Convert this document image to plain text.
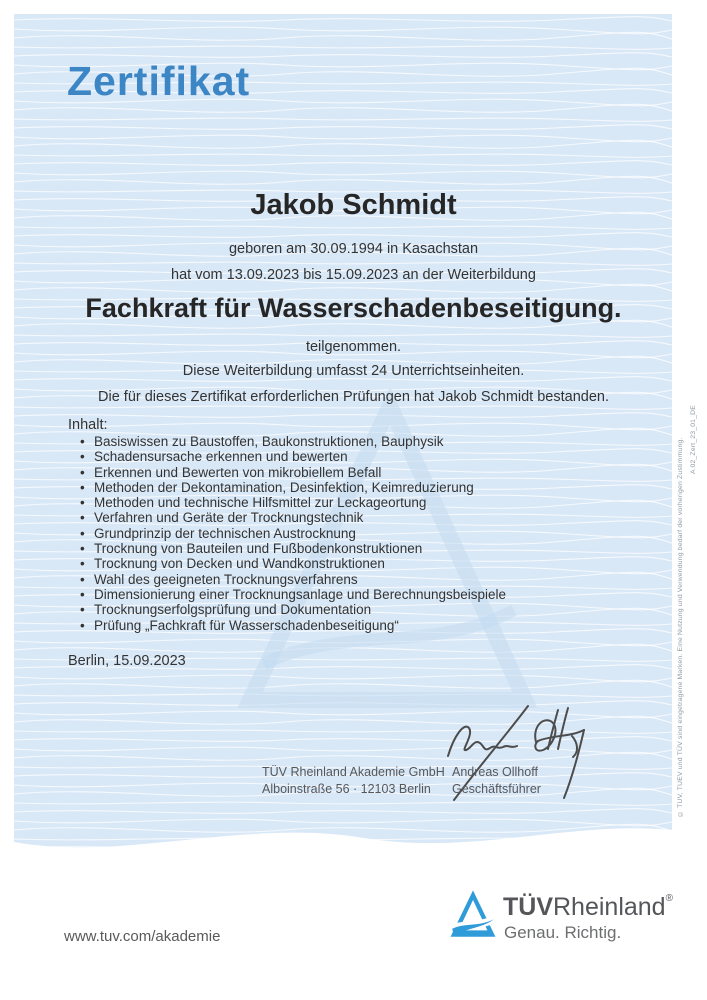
Zertifikat
Jakob Schmidt
geboren am 30.09.1994 in Kasachstan
hat vom 13.09.2023 bis 15.09.2023 an der Weiterbildung
Fachkraft für Wasserschadenbeseitigung.
teilgenommen.
Diese Weiterbildung umfasst 24 Unterrichtseinheiten.
Die für dieses Zertifikat erforderlichen Prüfungen hat Jakob Schmidt bestanden.
Inhalt:
•
Basiswissen zu Baustoffen, Baukonstruktionen, Bauphysik
•
Schadensursache erkennen und bewerten
•
Erkennen und Bewerten von mikrobiellem Befall
•
Methoden der Dekontamination, Desinfektion, Keimreduzierung
•
Methoden und technische Hilfsmittel zur Leckageortung
•
Verfahren und Geräte der Trocknungstechnik
•
Grundprinzip der technischen Austrocknung
•
Trocknung von Bauteilen und Fußbodenkonstruktionen
•
Trocknung von Decken und Wandkonstruktionen
•
Wahl des geeigneten Trocknungsverfahrens
•
Dimensionierung einer Trocknungsanlage und Berechnungsbeispiele
•
Trocknungserfolgsprüfung und Dokumentation
•
Prüfung „Fachkraft für Wasserschadenbeseitigung“
Berlin, 15.09.2023
TÜV Rheinland Akademie GmbH
Alboinstraße 56 · 12103 Berlin
Andreas Ollhoff
Geschäftsführer	© TUV, TUEV und TÜV sind eingetragene Marken. Eine Nutzung und Verwendung bedarf der vorherigen Zustimmung. A 02_Zert_23_01_DE
www.tuv.com/akademie
TÜVRheinland®
Genau. Richtig.
